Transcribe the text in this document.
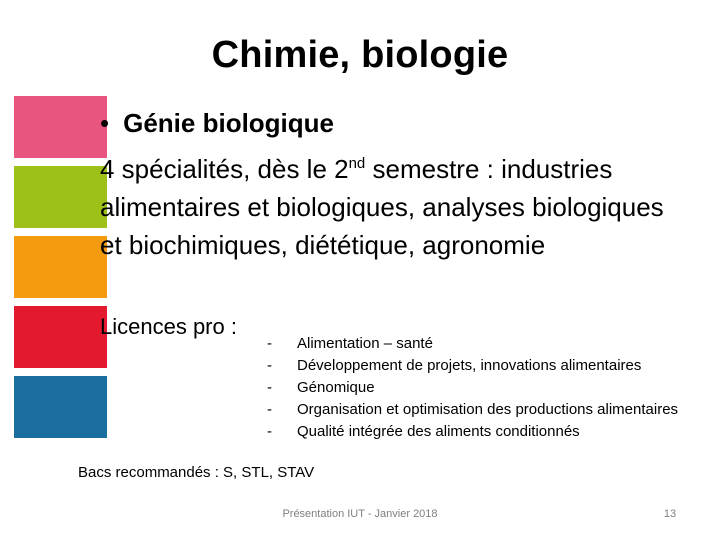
Chimie, biologie
• Génie biologique
4 spécialités, dès le 2nd semestre : industries
alimentaires et biologiques, analyses biologiques
et biochimiques, diététique, agronomie
Licences pro :
- Alimentation – santé
- Développement de projets, innovations alimentaires
- Génomique
- Organisation et optimisation des productions alimentaires
- Qualité intégrée des aliments conditionnés
Bacs recommandés : S, STL, STAV
Présentation IUT - Janvier 2018	13
